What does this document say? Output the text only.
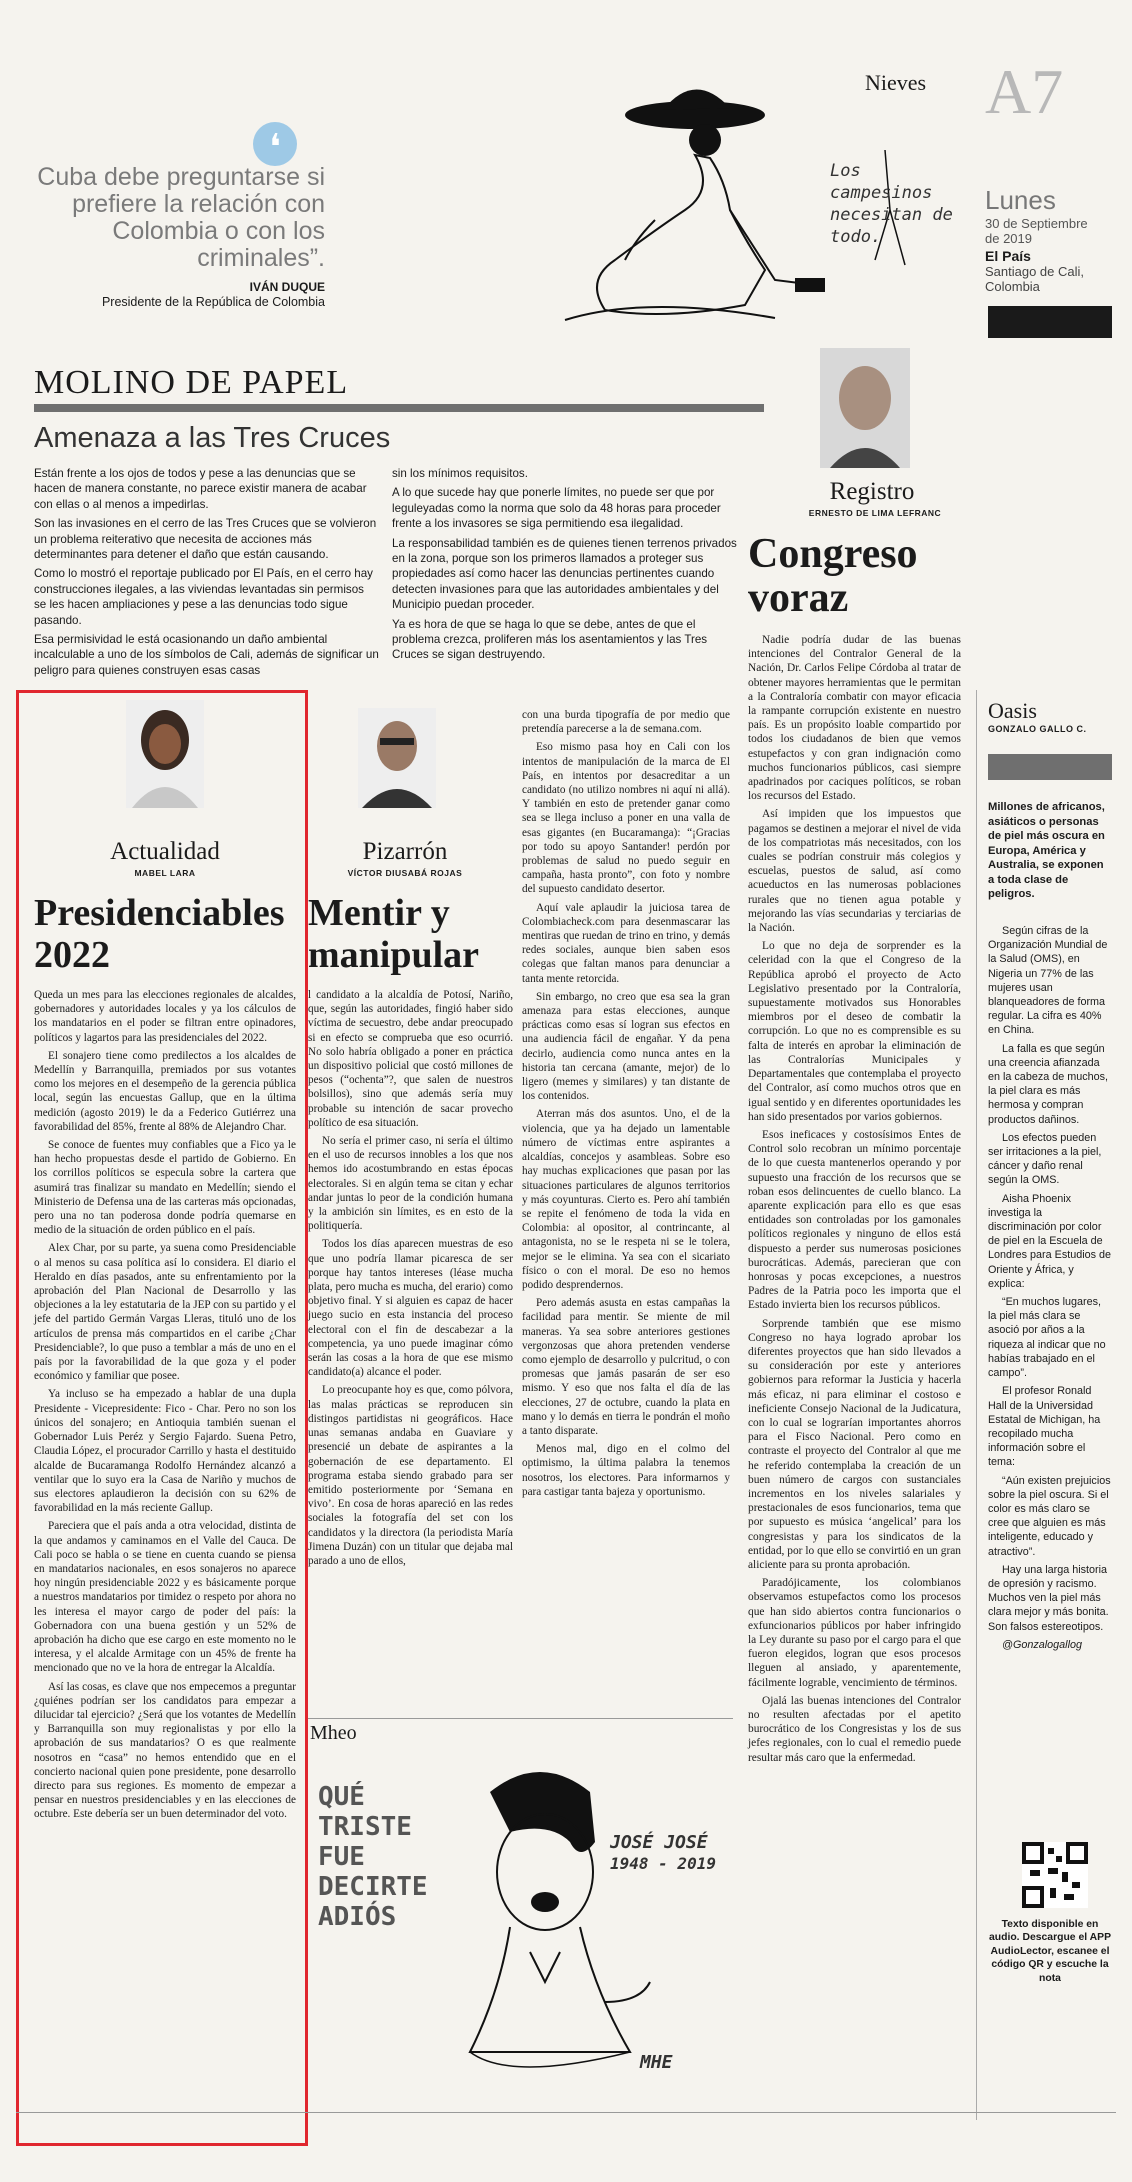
Nieves A7
Lunes
30 de Septiembre de 2019
El País
Santiago de Cali, Colombia
❛
Cuba debe preguntarse si prefiere la relación con Colombia o con los criminales”.
IVÁN DUQUE
Presidente de la República de Colombia
Los campesinos necesitan de todo.
MOLINO DE PAPEL
Amenaza a las Tres Cruces

Están frente a los ojos de todos y pese a las denuncias que se hacen de manera constante, no parece existir manera de acabar con ellas o al menos a impedirlas.

Son las invasiones en el cerro de las Tres Cruces que se volvieron un problema reiterativo que necesita de acciones más determinantes para detener el daño que están causando.

Como lo mostró el reportaje publicado por El País, en el cerro hay construcciones ilegales, a las viviendas levantadas sin permisos se les hacen ampliaciones y pese a las denuncias todo sigue pasando.

Esa permisividad le está ocasionando un daño ambiental incalculable a uno de los símbolos de Cali, además de significar un peligro para quienes construyen esas casas

sin los mínimos requisitos.

A lo que sucede hay que ponerle límites, no puede ser que por leguleyadas como la norma que solo da 48 horas para proceder frente a los invasores se siga permitiendo esa ilegalidad.

La responsabilidad también es de quienes tienen terrenos privados en la zona, porque son los primeros llamados a proteger sus propiedades así como hacer las denuncias pertinentes cuando detecten invasiones para que las autoridades ambientales y del Municipio puedan proceder.

Ya es hora de que se haga lo que se debe, antes de que el problema crezca, proliferen más los asentamientos y las Tres Cruces se sigan destruyendo.

Registro
ERNESTO DE LIMA LEFRANC
Congreso voraz

Nadie podría dudar de las buenas intenciones del Contralor General de la Nación, Dr. Carlos Felipe Córdoba al tratar de obtener mayores herramientas que le permitan a la Contraloría combatir con mayor eficacia la rampante corrupción existente en nuestro país. Es un propósito loable compartido por todos los ciudadanos de bien que vemos estupefactos y con gran indignación como muchos funcionarios públicos, casi siempre apadrinados por caciques políticos, se roban los recursos del Estado.

Así impiden que los impuestos que pagamos se destinen a mejorar el nivel de vida de los compatriotas más necesitados, con los cuales se podrían construir más colegios y escuelas, puestos de salud, así como acueductos en las numerosas poblaciones rurales que no tienen agua potable y mejorando las vías secundarias y terciarias de la Nación.

Lo que no deja de sorprender es la celeridad con la que el Congreso de la República aprobó el proyecto de Acto Legislativo presentado por la Contraloría, supuestamente motivados sus Honorables miembros por el deseo de combatir la corrupción. Lo que no es comprensible es su falta de interés en aprobar la eliminación de las Contralorías Municipales y Departamentales que contemplaba el proyecto del Contralor, así como muchos otros que en igual sentido y en diferentes oportunidades les han sido presentados por varios gobiernos.

Esos ineficaces y costosísimos Entes de Control solo recobran un mínimo porcentaje de lo que cuesta mantenerlos operando y por supuesto una fracción de los recursos que se roban esos delincuentes de cuello blanco. La aparente explicación para ello es que esas entidades son controladas por los gamonales políticos regionales y ninguno de ellos está dispuesto a perder sus numerosas posiciones burocráticas. Además, parecieran que con honrosas y pocas excepciones, a nuestros Padres de la Patria poco les importa que el Estado invierta bien los recursos públicos.

Sorprende también que ese mismo Congreso no haya logrado aprobar los diferentes proyectos que han sido llevados a su consideración por este y anteriores gobiernos para reformar la Justicia y hacerla más eficaz, ni para eliminar el costoso e ineficiente Consejo Nacional de la Judicatura, con lo cual se lograrían importantes ahorros para el Fisco Nacional. Pero como en contraste el proyecto del Contralor al que me he referido contemplaba la creación de un buen número de cargos con sustanciales incrementos en los niveles salariales y prestacionales de esos funcionarios, tema que por supuesto es música ‘angelical’ para los congresistas y para los sindicatos de la entidad, por lo que ello se convirtió en un gran aliciente para su pronta aprobación.

Paradójicamente, los colombianos observamos estupefactos como los procesos que han sido abiertos contra funcionarios o exfuncionarios públicos por haber infringido la Ley durante su paso por el cargo para el que fueron elegidos, logran que esos procesos lleguen al ansiado, y aparentemente, fácilmente lograble, vencimiento de términos.

Ojalá las buenas intenciones del Contralor no resulten afectadas por el apetito burocrático de los Congresistas y los de sus jefes regionales, con lo cual el remedio puede resultar más caro que la enfermedad.

Oasis
GONZALO GALLO C.
Millones de africanos, asiáticos o personas de piel más oscura en Europa, América y Australia, se exponen a toda clase de peligros.

Según cifras de la Organización Mundial de la Salud (OMS), en Nigeria un 77% de las mujeres usan blanqueadores de forma regular. La cifra es 40% en China.

La falla es que según una creencia afianzada en la cabeza de muchos, la piel clara es más hermosa y compran productos dañinos.

Los efectos pueden ser irritaciones a la piel, cáncer y daño renal según la OMS.

Aisha Phoenix investiga la discriminación por color de piel en la Escuela de Londres para Estudios de Oriente y África, y explica:

“En muchos lugares, la piel más clara se asoció por años a la riqueza al indicar que no habías trabajado en el campo”.

El profesor Ronald Hall de la Universidad Estatal de Michigan, ha recopilado mucha información sobre el tema:

“Aún existen prejuicios sobre la piel oscura. Si el color es más claro se cree que alguien es más inteligente, educado y atractivo”.

Hay una larga historia de opresión y racismo. Muchos ven la piel más clara mejor y más bonita. Son falsos estereotipos.

@Gonzalogallog

Texto disponible en audio. Descargue el APP AudioLector, escanee el código QR y escuche la nota
Actualidad
MABEL LARA
Presidenciables 2022

Queda un mes para las elecciones regionales de alcaldes, gobernadores y autoridades locales y ya los cálculos de los mandatarios en el poder se filtran entre opinadores, políticos y lagartos para las presidenciales del 2022.

El sonajero tiene como predilectos a los alcaldes de Medellín y Barranquilla, premiados por sus votantes como los mejores en el desempeño de la gerencia pública local, según las encuestas Gallup, que en la última medición (agosto 2019) le da a Federico Gutiérrez una favorabilidad del 85%, frente al 88% de Alejandro Char.

Se conoce de fuentes muy confiables que a Fico ya le han hecho propuestas desde el partido de Gobierno. En los corrillos políticos se especula sobre la cartera que asumirá tras finalizar su mandato en Medellín; siendo el Ministerio de Defensa una de las carteras más opcionadas, pero una no tan poderosa donde podría quemarse en medio de la situación de orden público en el país.

Alex Char, por su parte, ya suena como Presidenciable o al menos su casa política así lo considera. El diario el Heraldo en días pasados, ante su enfrentamiento por la aprobación del Plan Nacional de Desarrollo y las objeciones a la ley estatutaria de la JEP con su partido y el jefe del partido Germán Vargas Lleras, tituló uno de los artículos de prensa más compartidos en el caribe ¿Char Presidenciable?, lo que puso a temblar a más de uno en el país por la favorabilidad de la que goza y el poder económico y familiar que posee.

Ya incluso se ha empezado a hablar de una dupla Presidente - Vicepresidente: Fico - Char. Pero no son los únicos del sonajero; en Antioquia también suenan el Gobernador Luis Peréz y Sergio Fajardo. Suena Petro, Claudia López, el procurador Carrillo y hasta el destituido alcalde de Bucaramanga Rodolfo Hernández alcanzó a ventilar que lo suyo era la Casa de Nariño y muchos de sus electores aplaudieron la decisión con su 62% de favorabilidad en la más reciente Gallup.

Pareciera que el país anda a otra velocidad, distinta de la que andamos y caminamos en el Valle del Cauca. De Cali poco se habla o se tiene en cuenta cuando se piensa en mandatarios nacionales, en esos sonajeros no aparece hoy ningún presidenciable 2022 y es básicamente porque a nuestros mandatarios por timidez o respeto por ahora no les interesa el mayor cargo de poder del país: la Gobernadora con una buena gestión y un 52% de aprobación ha dicho que ese cargo en este momento no le interesa, y el alcalde Armitage con un 45% de frente ha mencionado que no ve la hora de entregar la Alcaldía.

Así las cosas, es clave que nos empecemos a preguntar ¿quiénes podrían ser los candidatos para empezar a dilucidar tal ejercicio? ¿Será que los votantes de Medellín y Barranquilla son muy regionalistas y por ello la aprobación de sus mandatarios? O es que realmente nosotros en “casa” no hemos entendido que en el concierto nacional quien pone presidente, pone desarrollo directo para sus regiones. Es momento de empezar a pensar en nuestros presidenciables y en las elecciones de octubre. Este debería ser un buen determinador del voto.

Pizarrón
VÍCTOR DIUSABÁ ROJAS
Mentir y manipular

l candidato a la alcaldía de Potosí, Nariño, que, según las autoridades, fingió haber sido víctima de secuestro, debe andar preocupado si en efecto se comprueba que eso ocurrió. No solo habría obligado a poner en práctica un dispositivo policial que costó millones de pesos (“ochenta”?, que salen de nuestros bolsillos), sino que además sería muy probable su intención de sacar provecho político de esa situación.

No sería el primer caso, ni sería el último en el uso de recursos innobles a los que nos hemos ido acostumbrando en estas épocas electorales. Si en algún tema se citan y echar andar juntas lo peor de la condición humana y la ambición sin límites, es en esto de la politiquería.

Todos los días aparecen muestras de eso que uno podría llamar picaresca de ser porque hay tantos intereses (léase mucha plata, pero mucha es mucha, del erario) como objetivo final. Y si alguien es capaz de hacer juego sucio en esta instancia del proceso electoral con el fin de descabezar a la competencia, ya uno puede imaginar cómo serán las cosas a la hora de que ese mismo candidato(a) alcance el poder.

Lo preocupante hoy es que, como pólvora, las malas prácticas se reproducen sin distingos partidistas ni geográficos. Hace unas semanas andaba en Guaviare y presencié un debate de aspirantes a la gobernación de ese departamento. El programa estaba siendo grabado para ser emitido posteriormente por ‘Semana en vivo’. En cosa de horas apareció en las redes sociales la fotografía del set con los candidatos y la directora (la periodista María Jimena Duzán) con un titular que dejaba mal parado a uno de ellos,

con una burda tipografía de por medio que pretendía parecerse a la de semana.com.

Eso mismo pasa hoy en Cali con los intentos de manipulación de la marca de El País, en intentos por desacreditar a un candidato (no utilizo nombres ni aquí ni allá). Y también en esto de pretender ganar como sea se llega incluso a poner en una valla de esas gigantes (en Bucaramanga): “¡Gracias por todo su apoyo Santander! perdón por problemas de salud no puedo seguir en campaña, hasta pronto”, con foto y nombre del supuesto candidato desertor.

Aquí vale aplaudir la juiciosa tarea de Colombiacheck.com para desenmascarar las mentiras que ruedan de trino en trino, y demás redes sociales, aunque bien saben esos colegas que faltan manos para denunciar a tanta mente retorcida.

Sin embargo, no creo que esa sea la gran amenaza para estas elecciones, aunque prácticas como esas sí logran sus efectos en una audiencia fácil de engañar. Y da pena decirlo, audiencia como nunca antes en la historia tan cercana (amante, mejor) de lo ligero (memes y similares) y tan distante de los contenidos.

Aterran más dos asuntos. Uno, el de la violencia, que ya ha dejado un lamentable número de víctimas entre aspirantes a alcaldías, concejos y asambleas. Sobre eso hay muchas explicaciones que pasan por las situaciones particulares de algunos territorios y más coyunturas. Cierto es. Pero ahí también se repite el fenómeno de toda la vida en Colombia: al opositor, al contrincante, al antagonista, no se le respeta ni se le tolera, mejor se le elimina. Ya sea con el sicariato físico o con el moral. De eso no hemos podido desprendernos.

Pero además asusta en estas campañas la facilidad para mentir. Se miente de mil maneras. Ya sea sobre anteriores gestiones vergonzosas que ahora pretenden venderse como ejemplo de desarrollo y pulcritud, o con promesas que jamás pasarán de ser eso mismo. Y eso que nos falta el día de las elecciones, 27 de octubre, cuando la plata en mano y lo demás en tierra le pondrán el moño a tanto disparate.

Menos mal, digo en el colmo del optimismo, la última palabra la tenemos nosotros, los electores. Para informarnos y para castigar tanta bajeza y oportunismo.

Mheo
QUÉ TRISTE FUE DECIRTE ADIÓS
JOSÉ JOSÉ
1948 - 2019
MHE
